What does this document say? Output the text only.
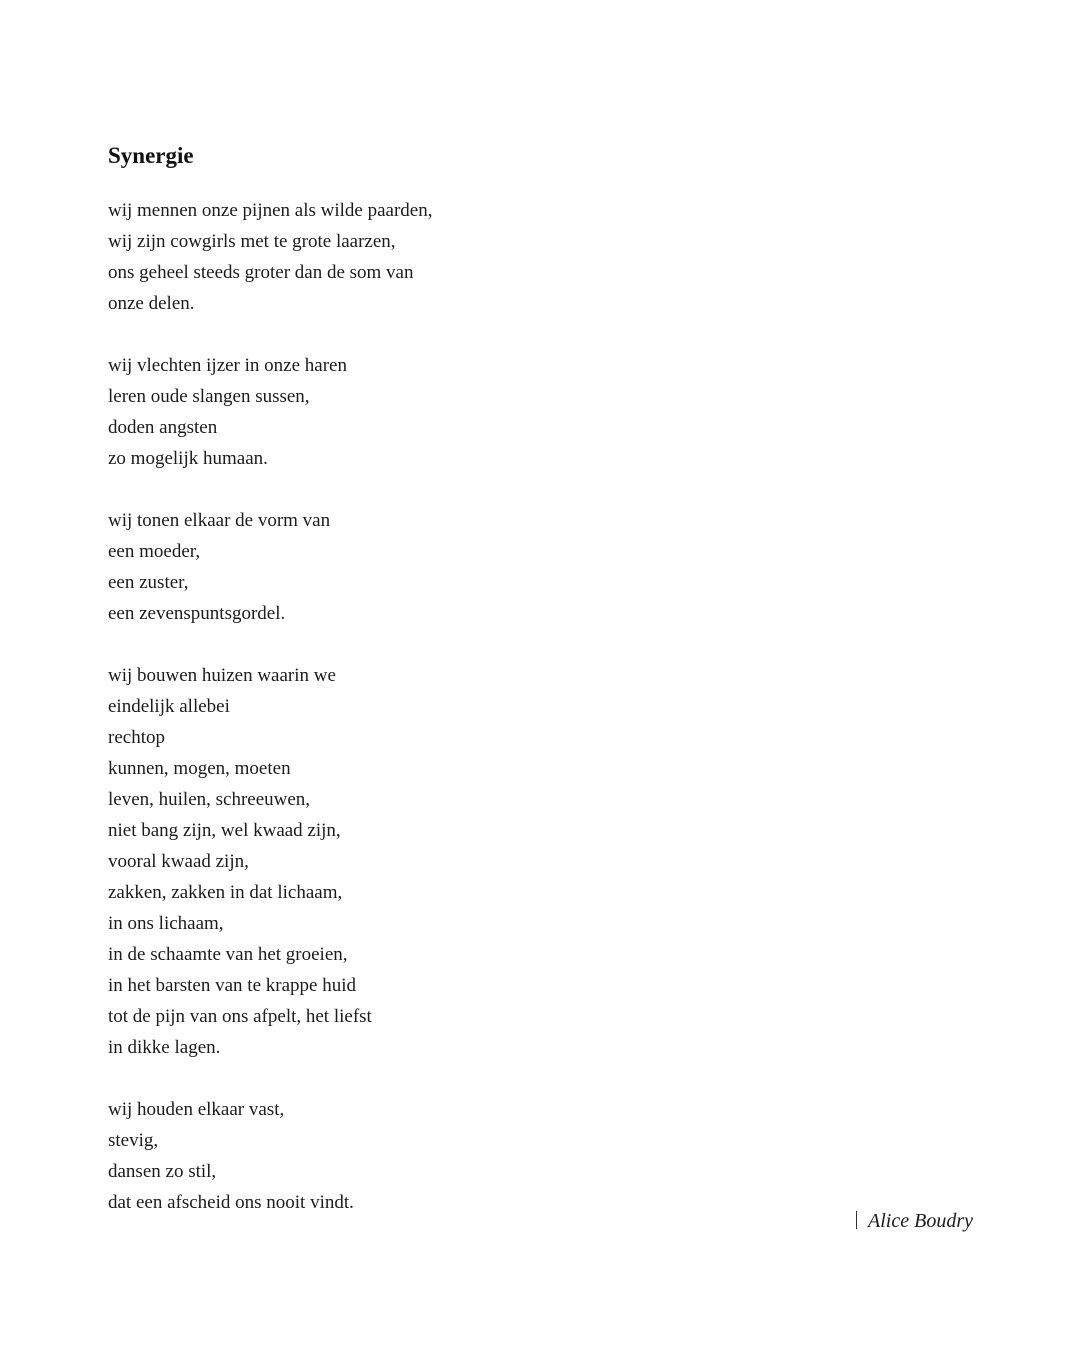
Synergie
wij mennen onze pijnen als wilde paarden,
wij zijn cowgirls met te grote laarzen,
ons geheel steeds groter dan de som van
onze delen.
wij vlechten ijzer in onze haren
leren oude slangen sussen,
doden angsten
zo mogelijk humaan.
wij tonen elkaar de vorm van
een moeder,
een zuster,
een zevenspuntsgordel.
wij bouwen huizen waarin we
eindelijk allebei
rechtop
kunnen, mogen, moeten
leven, huilen, schreeuwen,
niet bang zijn, wel kwaad zijn,
vooral kwaad zijn,
zakken, zakken in dat lichaam,
in ons lichaam,
in de schaamte van het groeien,
in het barsten van te krappe huid
tot de pijn van ons afpelt, het liefst
in dikke lagen.
wij houden elkaar vast,
stevig,
dansen zo stil,
dat een afscheid ons nooit vindt.
Alice Boudry
